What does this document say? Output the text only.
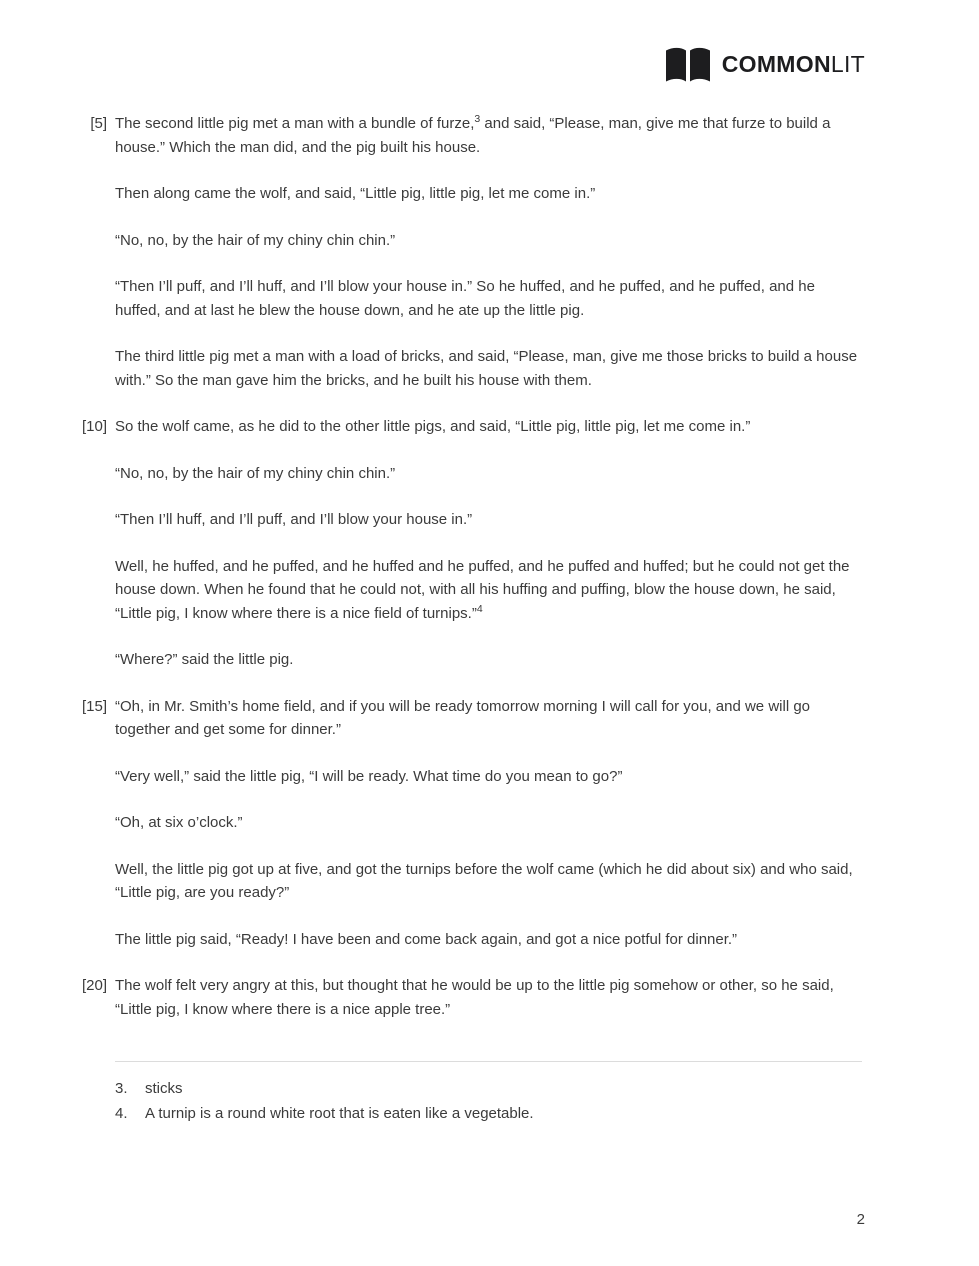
COMMONLIT
[5] The second little pig met a man with a bundle of furze,$^3$ and said, “Please, man, give me that furze to build a house.” Which the man did, and the pig built his house.
Then along came the wolf, and said, “Little pig, little pig, let me come in.”
“No, no, by the hair of my chiny chin chin.”
“Then I’ll puff, and I’ll huff, and I’ll blow your house in.” So he huffed, and he puffed, and he puffed, and he huffed, and at last he blew the house down, and he ate up the little pig.
The third little pig met a man with a load of bricks, and said, “Please, man, give me those bricks to build a house with.” So the man gave him the bricks, and he built his house with them.
[10] So the wolf came, as he did to the other little pigs, and said, “Little pig, little pig, let me come in.”
“No, no, by the hair of my chiny chin chin.”
“Then I’ll huff, and I’ll puff, and I’ll blow your house in.”
Well, he huffed, and he puffed, and he huffed and he puffed, and he puffed and huffed; but he could not get the house down. When he found that he could not, with all his huffing and puffing, blow the house down, he said, “Little pig, I know where there is a nice field of turnips.”$^4$
“Where?” said the little pig.
[15] “Oh, in Mr. Smith’s home field, and if you will be ready tomorrow morning I will call for you, and we will go together and get some for dinner.”
“Very well,” said the little pig, “I will be ready. What time do you mean to go?”
“Oh, at six o’clock.”
Well, the little pig got up at five, and got the turnips before the wolf came (which he did about six) and who said, “Little pig, are you ready?”
The little pig said, “Ready! I have been and come back again, and got a nice potful for dinner.”
[20] The wolf felt very angry at this, but thought that he would be up to the little pig somehow or other, so he said, “Little pig, I know where there is a nice apple tree.”
3.	sticks
4.	A turnip is a round white root that is eaten like a vegetable.
2
